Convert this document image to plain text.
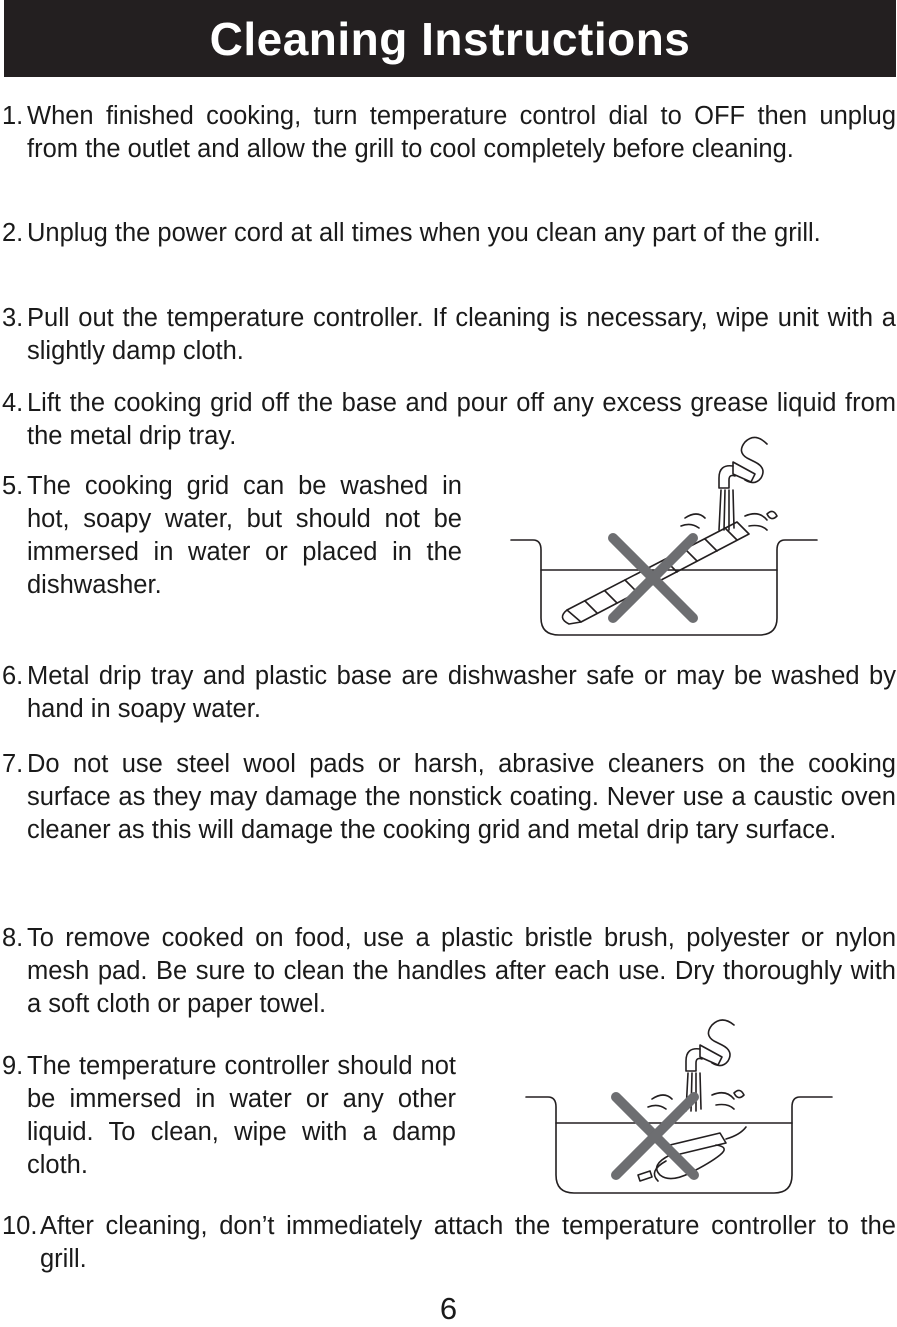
Cleaning Instructions
1. When finished cooking, turn temperature control dial to OFF then unplug from the outlet and allow the grill to cool completely before cleaning.
2. Unplug the power cord at all times when you clean any part of the grill.
3. Pull out the temperature controller. If cleaning is necessary, wipe unit with a slightly damp cloth.
4. Lift the cooking grid off the base and pour off any excess grease liquid from the metal drip tray.
5. The cooking grid can be washed in hot, soapy water, but should not be immersed in water or placed in the dishwasher.
6. Metal drip tray and plastic base are dishwasher safe or may be washed by hand in soapy water.
7. Do not use steel wool pads or harsh, abrasive cleaners on the cooking surface as they may damage the nonstick coating. Never use a caustic oven cleaner as this will damage the cooking grid and metal drip tary surface.
8. To remove cooked on food, use a plastic bristle brush, polyester or nylon mesh pad. Be sure to clean the handles after each use. Dry thoroughly with a soft cloth or paper towel.
9. The temperature controller should not be immersed in water or any other liquid. To clean, wipe with a damp cloth.
10. After cleaning, don’t immediately attach the temperature controller to the grill.
6
